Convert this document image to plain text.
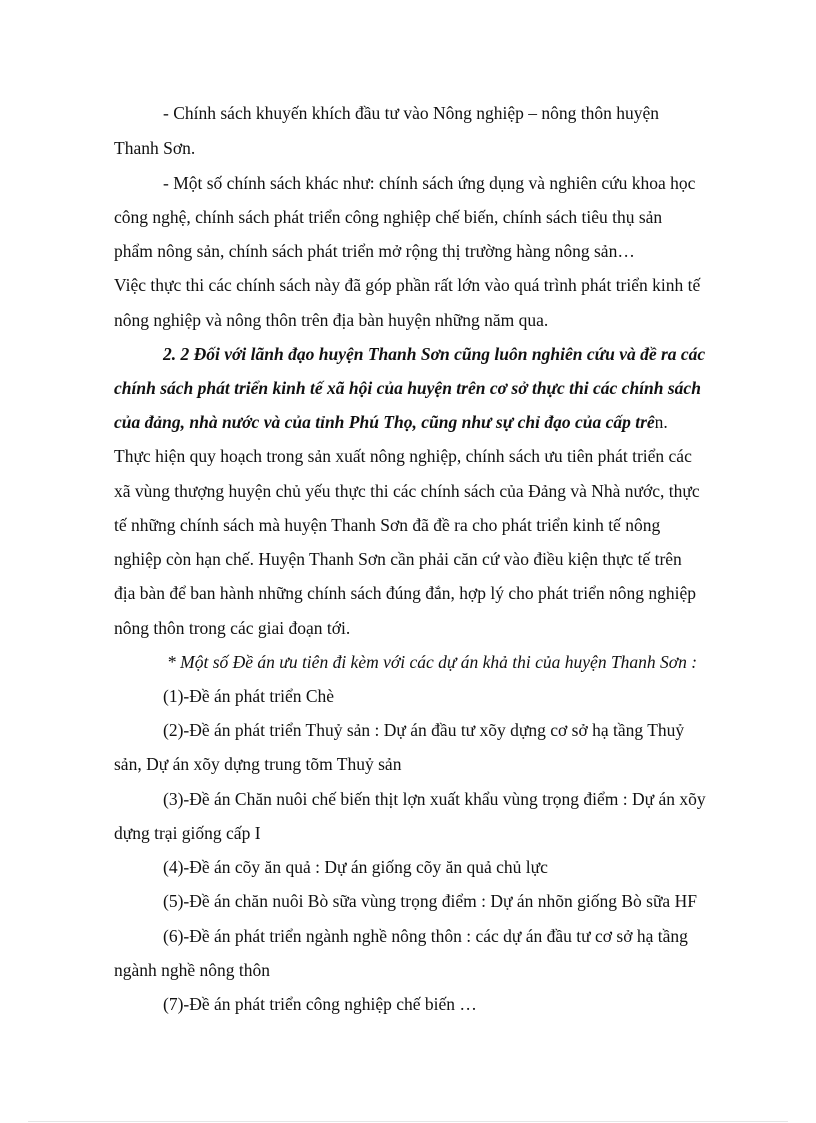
- Chính sách khuyến khích đầu tư vào Nông nghiệp – nông thôn huyện
Thanh Sơn.
- Một số chính sách khác như: chính sách ứng dụng và nghiên cứu khoa học
công nghệ, chính sách phát triển công nghiệp chế biến, chính sách tiêu thụ sản
phẩm nông sản, chính sách phát triển mở rộng thị trường hàng nông sản…
Việc thực thi các chính sách này đã góp phần rất lớn vào quá trình phát triển kinh tế
nông nghiệp và nông thôn trên địa bàn huyện những năm qua.
2. 2 Đối với lãnh đạo huyện Thanh Sơn cũng luôn nghiên cứu và đề ra các
chính sách phát triển kinh tế xã hội của huyện trên cơ sở thực thi các chính sách
của đảng, nhà nước và của tỉnh Phú Thọ, cũng như sự chỉ đạo của cấp trên.
Thực hiện quy hoạch trong sản xuất nông nghiệp, chính sách ưu tiên phát triển các
xã vùng thượng huyện chủ yếu thực thi các chính sách của Đảng và Nhà nước, thực
tế những chính sách mà huyện Thanh Sơn đã đề ra cho phát triển kinh tế nông
nghiệp còn hạn chế. Huyện Thanh Sơn cần phải căn cứ vào điều kiện thực tế trên
địa bàn để ban hành những chính sách đúng đắn, hợp lý cho phát triển nông nghiệp
nông thôn trong các giai đoạn tới.
* Một số Đề án ưu tiên đi kèm với các dự án khả thi của huyện Thanh Sơn :
(1)-Đề án phát triển Chè
(2)-Đề án phát triển Thuỷ sản : Dự án đầu tư xõy dựng cơ sở hạ tầng Thuỷ
sản, Dự án xõy dựng trung tõm Thuỷ sản
(3)-Đề án Chăn nuôi chế biến thịt lợn xuất khẩu vùng trọng điểm : Dự án xõy
dựng trại giống cấp I
(4)-Đề án cõy ăn quả : Dự án giống cõy ăn quả chủ lực
(5)-Đề án chăn nuôi Bò sữa vùng trọng điểm : Dự án nhõn giống Bò sữa HF
(6)-Đề án phát triển ngành nghề nông thôn : các dự án đầu tư cơ sở hạ tầng
ngành nghề nông thôn
(7)-Đề án phát triển công nghiệp chế biến …
